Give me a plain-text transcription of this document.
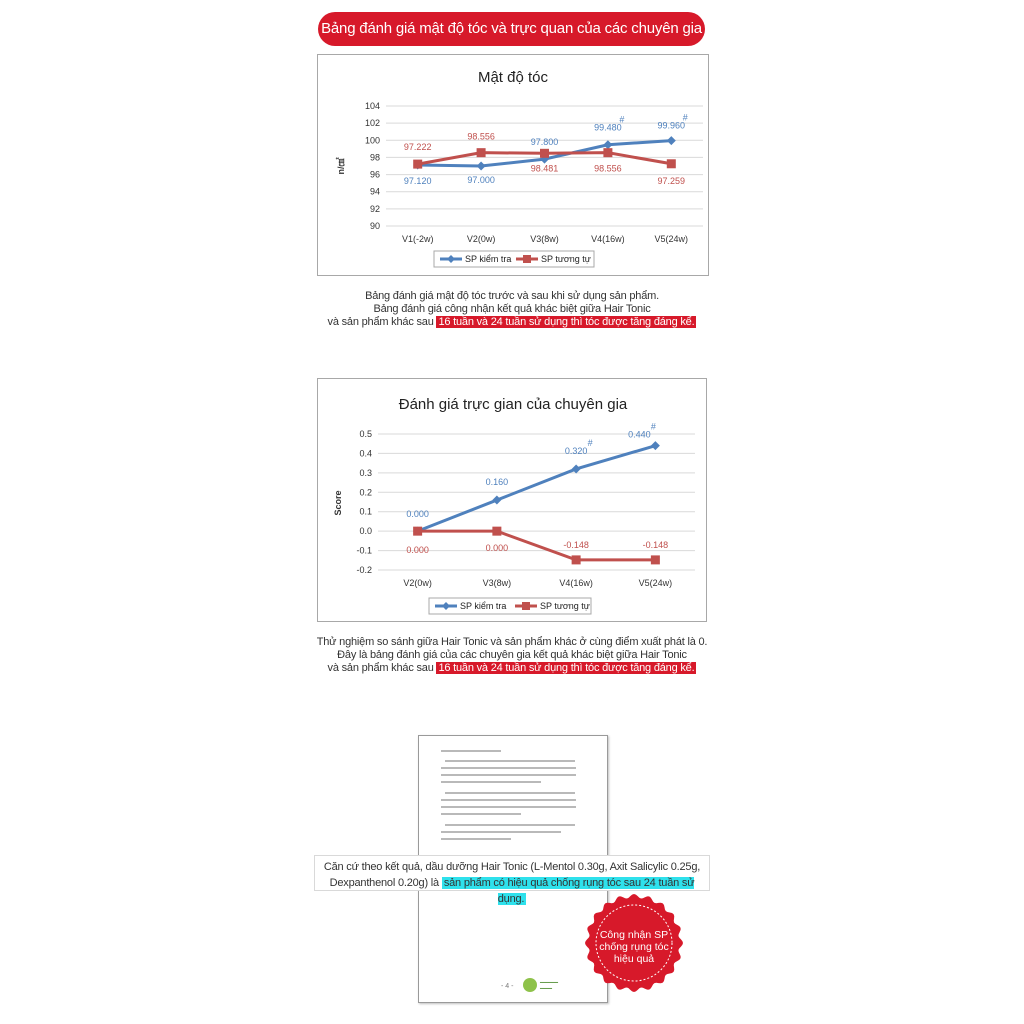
Bảng đánh giá mật độ tóc và trực quan của các chuyên gia
Mật độ tóc
90
92
94
96
98
100
102
104
n/㎠
V1(-2w)	V2(0w)	V3(8w)	V4(16w)	V5(24w)
97.120	97.000
97.800
99.480
#
99.960
#
97.222
98.556
98.481	98.556
97.259
SP kiểm tra	SP tương tự
Bảng đánh giá mật độ tóc trước và sau khi sử dụng sản phẩm.
Bảng đánh giá công nhận kết quả khác biệt giữa Hair Tonic
và sản phẩm khác sau 16 tuần và 24 tuần sử dụng thì tóc được tăng đáng kể.
Đánh giá trực gian của chuyên gia
-0.2
-0.1
0.0
0.1
0.2
0.3
0.4
0.5
Score
V2(0w)	V3(8w)	V4(16w)	V5(24w)
0.000
0.160
0.320
#
0.440
#
0.000	0.000	-0.148	-0.148
SP kiểm tra	SP tương tự
Thử nghiệm so sánh giữa Hair Tonic và sản phẩm khác ở cùng điểm xuất phát là 0.
Đây là bảng đánh giá của các chuyên gia kết quả khác biệt giữa Hair Tonic
và sản phẩm khác sau 16 tuần và 24 tuần sử dụng thì tóc được tăng đáng kể.
- 4 -	━━━━━━
━━━━
Căn cứ theo kết quả, dầu dưỡng Hair Tonic (L-Mentol 0.30g, Axit Salicylic 0.25g,
Dexpanthenol 0.20g) là sản phẩm có hiệu quả chống rụng tóc sau 24 tuần sử dụng.
Công nhận SP
chống rụng tóc
hiệu quả
